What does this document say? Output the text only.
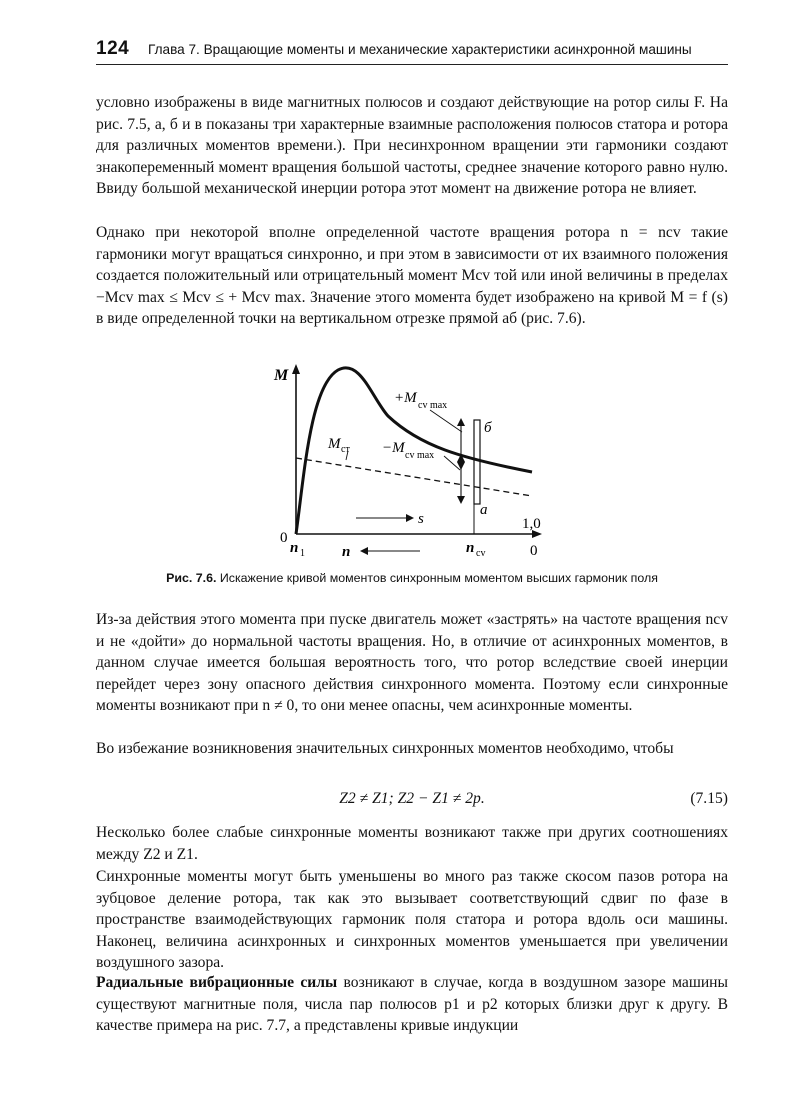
124 Глава 7. Вращающие моменты и механические характеристики асинхронной машины

условно изображены в виде магнитных полюсов и создают действующие на ротор силы F. На рис. 7.5, а, б и в показаны три характерные взаимные расположения полюсов статора и ротора для различных моментов времени.). При несинхронном вращении эти гармоники создают знакопеременный момент вращения большой частоты, среднее значение которого равно нулю. Ввиду большой механической инерции ротора этот момент на движение ротора не влияет.

Однако при некоторой вполне определенной частоте вращения ротора n = ncv такие гармоники могут вращаться синхронно, и при этом в зависимости от их взаимного положения создается положительный или отрицательный момент Mcv той или иной величины в пределах −Mcv max ≤ Mcv ≤ + Mcv max. Значение этого момента будет изображено на кривой M = f (s) в виде определенной точки на вертикальном отрезке прямой аб (рис. 7.6).

M
0
n 1	n cv
1,0
0
s
n
M ст
+M cv max
−M cv max
б
а
Рис. 7.6. Искажение кривой моментов синхронным моментом высших гармоник поля

Из-за действия этого момента при пуске двигатель может «застрять» на частоте вращения ncv и не «дойти» до нормальной частоты вращения. Но, в отличие от асинхронных моментов, в данном случае имеется большая вероятность того, что ротор вследствие своей инерции перейдет через зону опасного действия синхронного момента. Поэтому если синхронные моменты возникают при n ≠ 0, то они менее опасны, чем асинхронные моменты.

Во избежание возникновения значительных синхронных моментов необходимо, чтобы

Z2 ≠ Z1; Z2 − Z1 ≠ 2p.	(7.15)

Несколько более слабые синхронные моменты возникают также при других соотношениях между Z2 и Z1.

Синхронные моменты могут быть уменьшены во много раз также скосом пазов ротора на зубцовое деление ротора, так как это вызывает соответствующий сдвиг по фазе в пространстве взаимодействующих гармоник поля статора и ротора вдоль оси машины. Наконец, величина асинхронных и синхронных моментов уменьшается при увеличении воздушного зазора.

Радиальные вибрационные силы возникают в случае, когда в воздушном зазоре машины существуют магнитные поля, числа пар полюсов p1 и p2 которых близки друг к другу. В качестве примера на рис. 7.7, а представлены кривые индукции
